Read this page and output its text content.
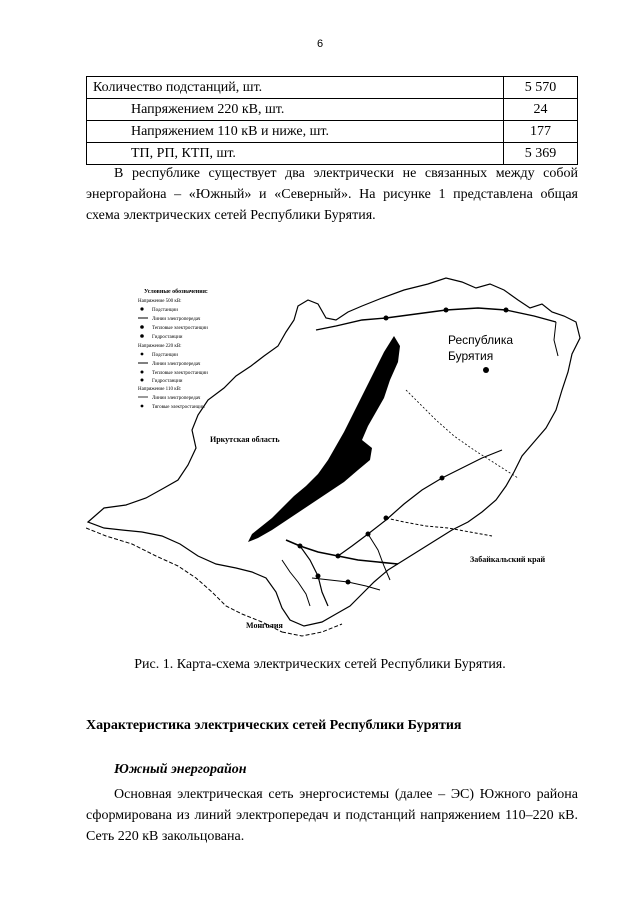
6
Количество подстанций, шт.	5 570
Напряжением 220 кВ, шт.	24
Напряжением 110 кВ и ниже, шт.	177
ТП, РП, КТП, шт.	5 369

В республике существует два электрически не связанных между собой энергорайона – «Южный» и «Северный». На рисунке 1 представлена общая схема электрических сетей Республики Бурятия.

Условные обозначения:
Напряжение 500 кВ:
Подстанции
Линии электропередач
Тепловые электростанции
Гидростанции
Напряжение 220 кВ:
Подстанции
Линии электропередач
Тепловые электростанции
Гидростанции
Напряжение 110 кВ:
Линии электропередач
Тяговые электростанции
Республика
Бурятия
Иркутская область
Забайкальский край
Монголия
Рис. 1. Карта-схема электрических сетей Республики Бурятия.
Характеристика электрических сетей Республики Бурятия
Южный энергорайон

Основная электрическая сеть энергосистемы (далее – ЭС) Южного района сформирована из линий электропередач и подстанций напряжением 110–220 кВ. Сеть 220 кВ закольцована.
